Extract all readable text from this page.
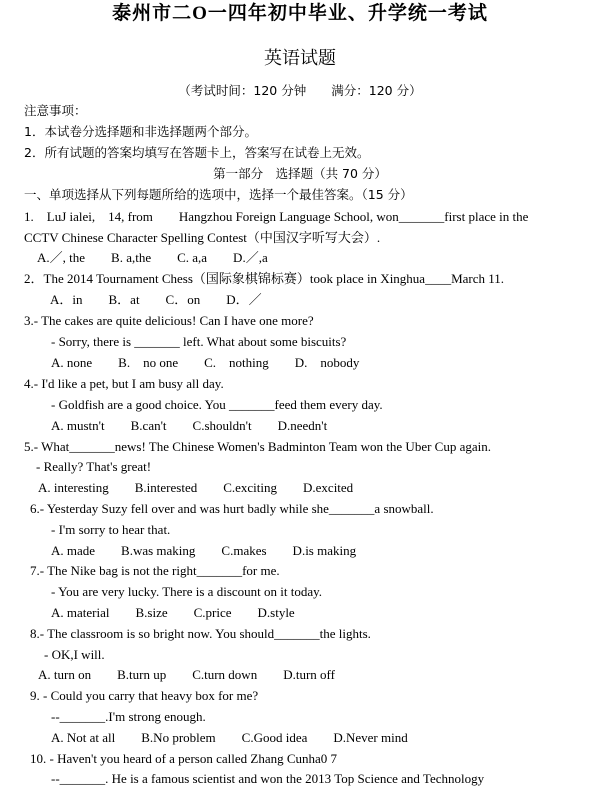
泰州市二O一四年初中毕业、升学统一考试
英语试题
（考试时间：120 分钟　　满分：120 分）
注意事项：
1．本试卷分选择题和非选择题两个部分。
2．所有试题的答案均填写在答题卡上，答案写在试卷上无效。
第一部分　选择题（共 70 分）
一、单项选择从下列每题所给的选项中，选择一个最佳答案。（15 分）
1.　LuJ ialei,　14, from　　Hangzhou Foreign Language School, won_______first place in the
CCTV Chinese Character Spelling Contest（中国汉字听写大会）.
A.／, the　　B. a,the　　C. a,a　　D.／,a
2．The 2014 Tournament Chess（国际象棋锦标赛）took place in Xinghua____March 11.
A．in　　B．at　　C．on　　D．／
3.- The cakes are quite delicious! Can I have one more?
- Sorry, there is _______ left. What about some biscuits?
A. none　　B.　no one　　C.　nothing　　D.　nobody
4.- I'd like a pet, but I am busy all day.
- Goldfish are a good choice. You _______feed them every day.
A. mustn't　　B.can't　　C.shouldn't　　D.needn't
5.- What_______news! The Chinese Women's Badminton Team won the Uber Cup again.
- Really? That's great!
A. interesting　　B.interested　　C.exciting　　D.excited
6.- Yesterday Suzy fell over and was hurt badly while she_______a snowball.
- I'm sorry to hear that.
A. made　　B.was making　　C.makes　　D.is making
7.- The Nike bag is not the right_______for me.
- You are very lucky. There is a discount on it today.
A. material　　B.size　　C.price　　D.style
8.- The classroom is so bright now. You should_______the lights.
- OK,I will.
A. turn on　　B.turn up　　C.turn down　　D.turn off
9. - Could you carry that heavy box for me?
--_______.I'm strong enough.
A. Not at all　　B.No problem　　C.Good idea　　D.Never mind
10. - Haven't you heard of a person called Zhang Cunha0 7
--_______. He is a famous scientist and won the 2013 Top Science and Technology
